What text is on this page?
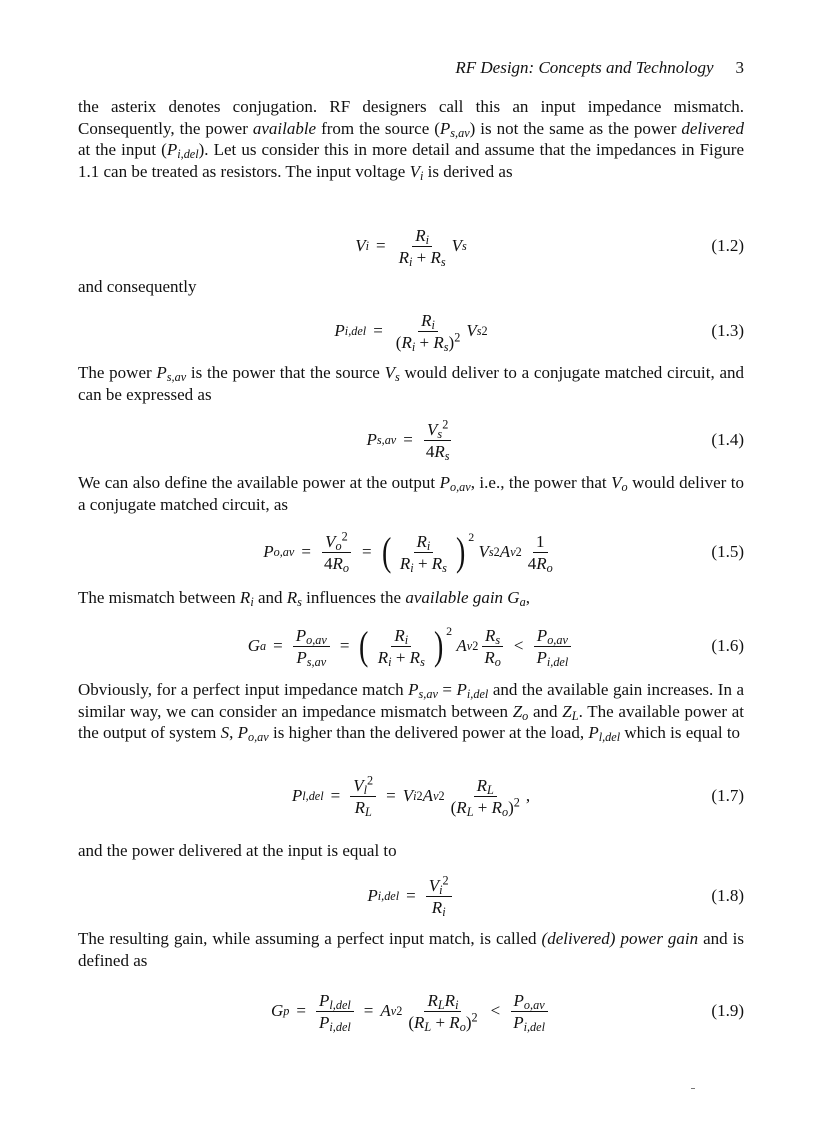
RF Design: Concepts and Technology 3

the asterix denotes conjugation. RF designers call this an input impedance mismatch. Consequently, the power available from the source $(P_{s,av})$ is not the same as the power delivered at the input $(P_{i,del})$. Let us consider this in more detail and assume that the impedances in Figure 1.1 can be treated as resistors. The input voltage $V_i$ is derived as

V $i = \frac{R_i}{R_i + R_s}$ V s	(1.2)

and consequently

P $i,del = \frac{R_i}{(R_i + R_s)^2}$ V s 2	(1.3)

The power $P_{s,av}$ is the power that the source $V_s$ would deliver to a conjugate matched circuit, and can be expressed as

P $s,av = \frac{V_s^2}{4R_s}$	(1.4)

We can also define the available power at the output $P_{o,av}$, i.e., the power that $V_o$ would deliver to a conjugate matched circuit, as

P $o,av = \frac{V_o^2}{4R_o}$ = ( $\frac{R_i}{R_i + R_s}$ ) 2

V s 2 A v $2 \frac{1}{4R_o}$	(1.5)

The mismatch between $R_i$ and $R_s$ influences the available gain $G_a$,

G $a = \frac{P_{o,av}}{P_{s,av}}$ = ( $\frac{R_i}{R_i + R_s}$ ) 2

A v $2 \frac{R_s}{R_o} < \frac{P_{o,av}}{P_{i,del}}$	(1.6)

Obviously, for a perfect input impedance match $P_{s,av} = P_{i,del}$ and the available gain increases. In a similar way, we can consider an impedance mismatch between $Z_o$ and $Z_L$. The available power at the output of system S, $P_{o,av}$ is higher than the delivered power at the load, $P_{l,del}$ which is equal to

P $l,del = \frac{V_l^2}{R_L} = V$ i 2 A v $2 \frac{R_L}{(R_L + R_o)^2}$ ,	(1.7)

and the power delivered at the input is equal to

P $i,del = \frac{V_i^2}{R_i}$	(1.8)

The resulting gain, while assuming a perfect input match, is called (delivered) power gain and is defined as

G $p = \frac{P_{l,del}}{P_{i,del}} = A$ v $2 \frac{R_LR_i}{(R_L + R_o)^2} < \frac{P_{o,av}}{P_{i,del}}$	(1.9)
